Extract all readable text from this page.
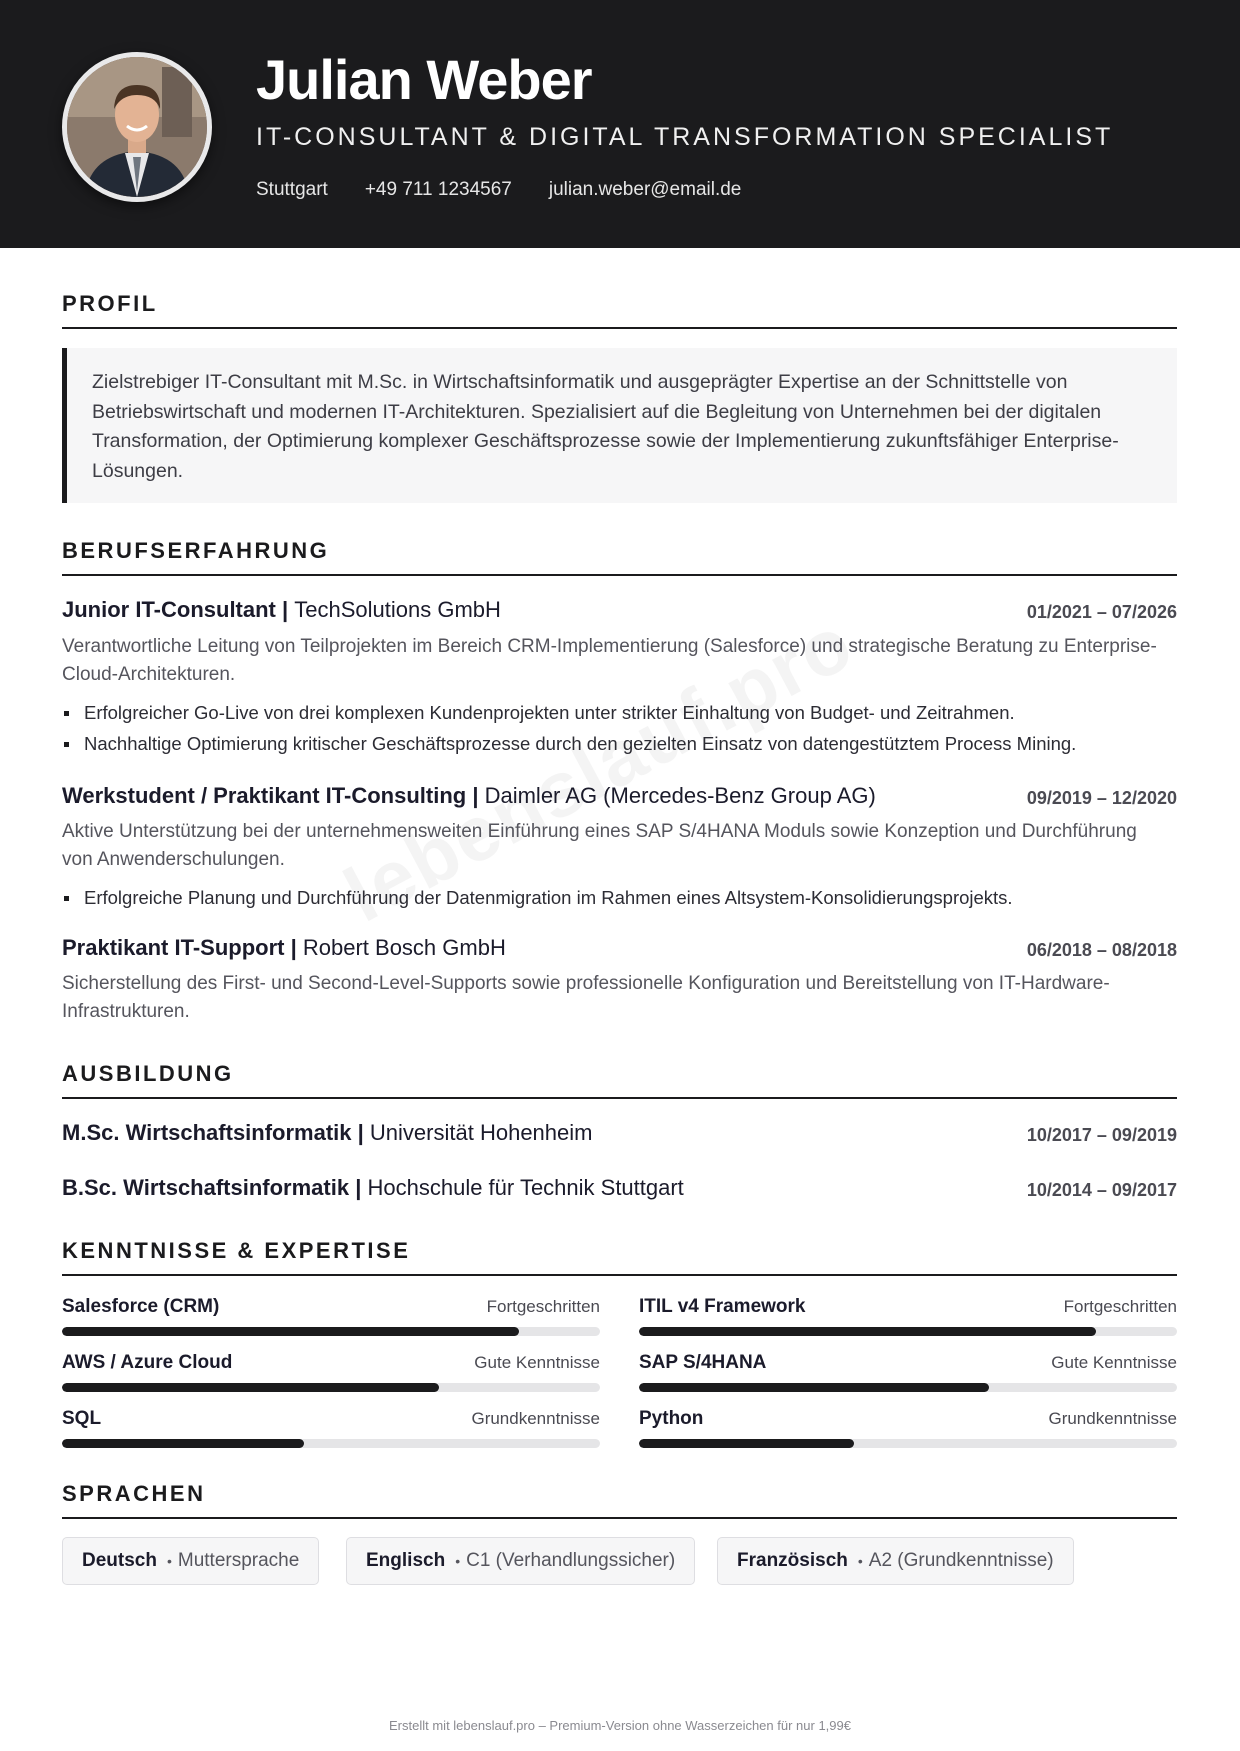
Julian Weber
IT-CONSULTANT & DIGITAL TRANSFORMATION SPECIALIST
Stuttgart +49 711 1234567 julian.weber@email.de
PROFIL
Zielstrebiger IT-Consultant mit M.Sc. in Wirtschaftsinformatik und ausgeprägter Expertise an der Schnittstelle von Betriebswirtschaft und modernen IT-Architekturen. Spezialisiert auf die Begleitung von Unternehmen bei der digitalen Transformation, der Optimierung komplexer Geschäftsprozesse sowie der Implementierung zukunftsfähiger Enterprise-Lösungen.
BERUFSERFAHRUNG
Junior IT-Consultant | TechSolutions GmbH	01/2021 – 07/2026
Verantwortliche Leitung von Teilprojekten im Bereich CRM-Implementierung (Salesforce) und strategische Beratung zu Enterprise-Cloud-Architekturen.
Erfolgreicher Go-Live von drei komplexen Kundenprojekten unter strikter Einhaltung von Budget- und Zeitrahmen.
Nachhaltige Optimierung kritischer Geschäftsprozesse durch den gezielten Einsatz von datengestütztem Process Mining.
Werkstudent / Praktikant IT-Consulting | Daimler AG (Mercedes-Benz Group AG)	09/2019 – 12/2020
Aktive Unterstützung bei der unternehmensweiten Einführung eines SAP S/4HANA Moduls sowie Konzeption und Durchführung von Anwenderschulungen.
Erfolgreiche Planung und Durchführung der Datenmigration im Rahmen eines Altsystem-Konsolidierungsprojekts.
Praktikant IT-Support | Robert Bosch GmbH	06/2018 – 08/2018
Sicherstellung des First- und Second-Level-Supports sowie professionelle Konfiguration und Bereitstellung von IT-Hardware-Infrastrukturen.
AUSBILDUNG
M.Sc. Wirtschaftsinformatik | Universität Hohenheim	10/2017 – 09/2019
B.Sc. Wirtschaftsinformatik | Hochschule für Technik Stuttgart	10/2014 – 09/2017
KENNTNISSE & EXPERTISE
Salesforce (CRM)	Fortgeschritten ITIL v4 Framework	Fortgeschritten
AWS / Azure Cloud	Gute Kenntnisse SAP S/4HANA	Gute Kenntnisse
SQL	Grundkenntnisse Python	Grundkenntnisse
SPRACHEN
Deutsch • Muttersprache	Englisch • C1 (Verhandlungssicher)	Französisch • A2 (Grundkenntnisse)
Erstellt mit lebenslauf.pro – Premium-Version ohne Wasserzeichen für nur 1,99€
